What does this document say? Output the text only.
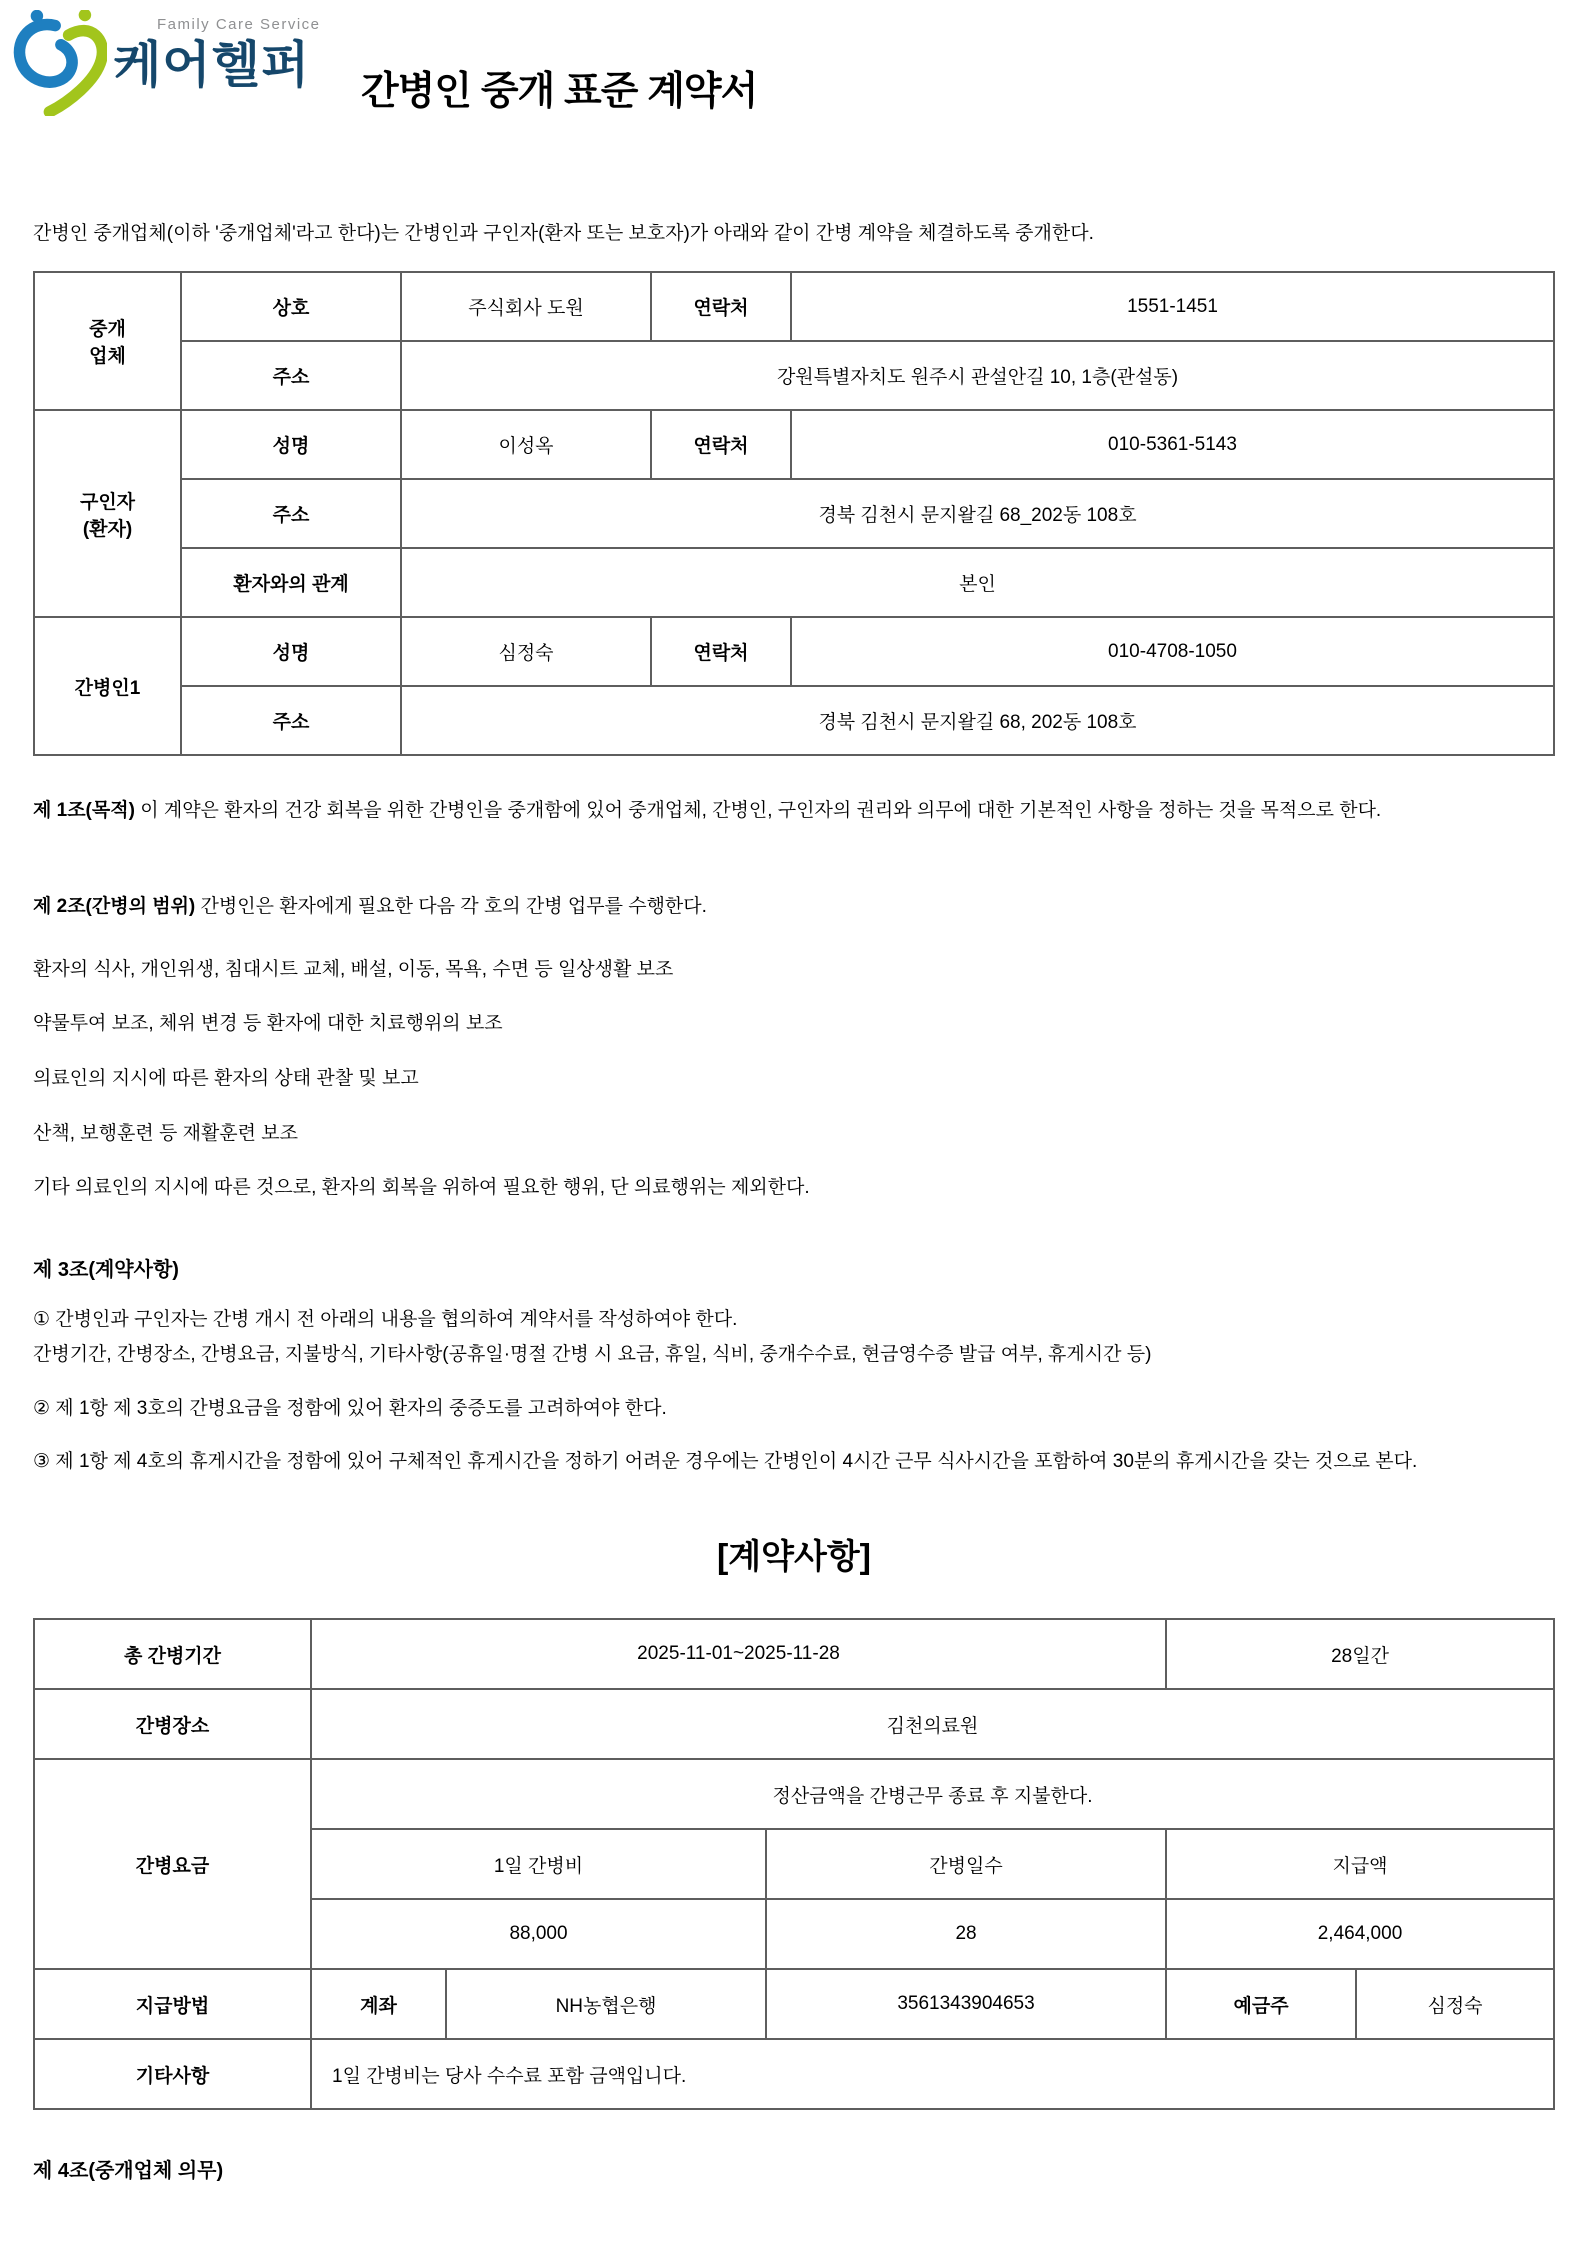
Family Care Service
케어헬퍼 간병인 중개 표준 계약서

간병인 중개업체(이하 '중개업체'라고 한다)는 간병인과 구인자(환자 또는 보호자)가 아래와 같이 간병 계약을 체결하도록 중개한다.

중개
업체	상호	주식회사 도원	연락처	1551-1451
	주소	강원특별자치도 원주시 관설안길 10, 1층(관설동)		

구인자
(환자)	성명	이성옥	연락처	010-5361-5143
	주소	경북 김천시 문지왈길 68_202동 108호		
	환자와의 관계	본인		
간병인1	성명	심정숙	연락처	010-4708-1050
	주소	경북 김천시 문지왈길 68, 202동 108호		

제 1조(목적) 이 계약은 환자의 건강 회복을 위한 간병인을 중개함에 있어 중개업체, 간병인, 구인자의 권리와 의무에 대한 기본적인 사항을 정하는 것을 목적으로 한다.

제 2조(간병의 범위) 간병인은 환자에게 필요한 다음 각 호의 간병 업무를 수행한다.

환자의 식사, 개인위생, 침대시트 교체, 배설, 이동, 목욕, 수면 등 일상생활 보조

약물투여 보조, 체위 변경 등 환자에 대한 치료행위의 보조

의료인의 지시에 따른 환자의 상태 관찰 및 보고

산책, 보행훈련 등 재활훈련 보조

기타 의료인의 지시에 따른 것으로, 환자의 회복을 위하여 필요한 행위, 단 의료행위는 제외한다.

제 3조(계약사항)

① 간병인과 구인자는 간병 개시 전 아래의 내용을 협의하여 계약서를 작성하여야 한다.

간병기간, 간병장소, 간병요금, 지불방식, 기타사항(공휴일·명절 간병 시 요금, 휴일, 식비, 중개수수료, 현금영수증 발급 여부, 휴게시간 등)

② 제 1항 제 3호의 간병요금을 정함에 있어 환자의 중증도를 고려하여야 한다.

③ 제 1항 제 4호의 휴게시간을 정함에 있어 구체적인 휴게시간을 정하기 어려운 경우에는 간병인이 4시간 근무 식사시간을 포함하여 30분의 휴게시간을 갖는 것으로 본다.

[계약사항]
총 간병기간	2025-11-01~2025-11-28			28일간	
간병장소	김천의료원				
간병요금	정산금액을 간병근무 종료 후 지불한다.				
	1일 간병비		간병일수	지급액	
	88,000		28	2,464,000	
지급방법	계좌	NH농협은행	3561343904653	예금주	심정숙
기타사항	1일 간병비는 당사 수수료 포함 금액입니다.				

제 4조(중개업체 의무)
